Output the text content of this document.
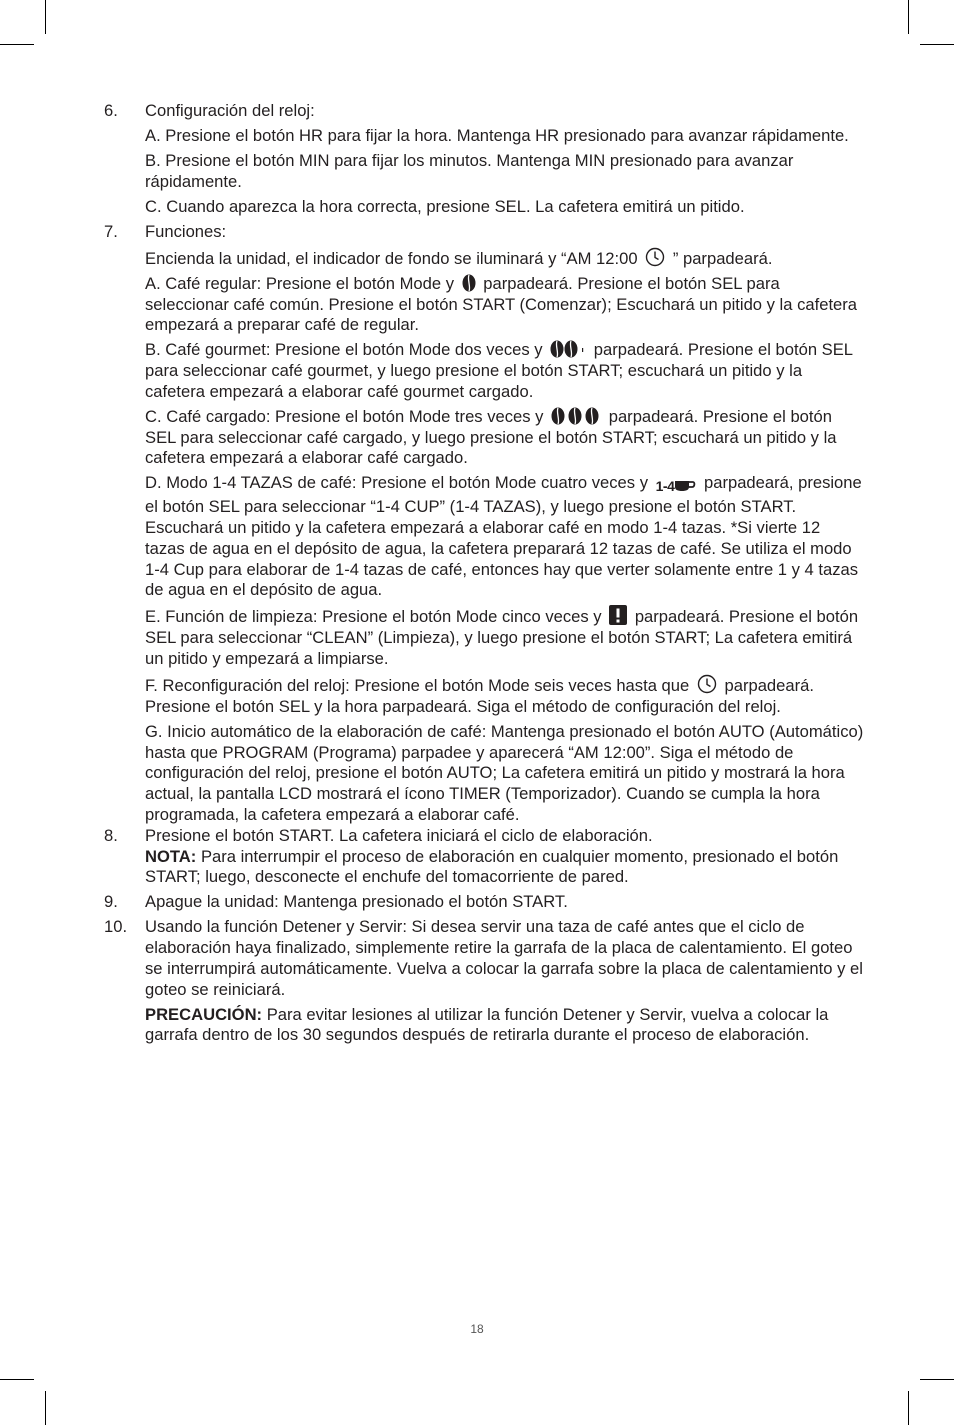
6.	Configuración del reloj:
A. Presione el botón HR para fijar la hora. Mantenga HR presionado para avanzar rápidamente.
B. Presione el botón MIN para fijar los minutos. Mantenga MIN presionado para avanzar rápidamente.
C. Cuando aparezca la hora correcta, presione SEL. La cafetera emitirá un pitido.
7.	Funciones:
Encienda la unidad, el indicador de fondo se iluminará y “AM 12:00 ” parpadeará.
A. Café regular: Presione el botón Mode y parpadeará. Presione el botón SEL para seleccionar café común. Presione el botón START (Comenzar); Escuchará un pitido y la cafetera empezará a preparar café de regular.
B. Café gourmet: Presione el botón Mode dos veces y	parpadeará. Presione el botón SEL para seleccionar café gourmet, y luego presione el botón START; escuchará un pitido y la cafetera empezará a elaborar café gourmet cargado.
C. Café cargado: Presione el botón Mode tres veces y	parpadeará. Presione el botón SEL para seleccionar café cargado, y luego presione el botón START; escuchará un pitido y la cafetera empezará a elaborar café cargado.
D. Modo 1-4 TAZAS de café: Presione el botón Mode cuatro veces y 1-4 parpadeará, presione el botón SEL para seleccionar “1-4 CUP” (1-4 TAZAS), y luego presione el botón START. Escuchará un pitido y la cafetera empezará a elaborar café en modo 1-4 tazas. *Si vierte 12 tazas de agua en el depósito de agua, la cafetera preparará 12 tazas de café. Se utiliza el modo 1-4 Cup para elaborar de 1-4 tazas de café, entonces hay que verter solamente entre 1 y 4 tazas de agua en el depósito de agua.
E. Función de limpieza: Presione el botón Mode cinco veces y parpadeará. Presione el botón SEL para seleccionar “CLEAN” (Limpieza), y luego presione el botón START; La cafetera emitirá un pitido y empezará a limpiarse.
F. Reconfiguración del reloj: Presione el botón Mode seis veces hasta que parpadeará. Presione el botón SEL y la hora parpadeará. Siga el método de configuración del reloj.
G. Inicio automático de la elaboración de café: Mantenga presionado el botón AUTO (Automático) hasta que PROGRAM (Programa) parpadee y aparecerá “AM 12:00”. Siga el método de configuración del reloj, presione el botón AUTO; La cafetera emitirá un pitido y mostrará la hora actual, la pantalla LCD mostrará el ícono TIMER (Temporizador). Cuando se cumpla la hora programada, la cafetera empezará a elaborar café.
8.	Presione el botón START. La cafetera iniciará el ciclo de elaboración.
NOTA: Para interrumpir el proceso de elaboración en cualquier momento, presionado el botón START; luego, desconecte el enchufe del tomacorriente de pared.
9.	Apague la unidad: Mantenga presionado el botón START.
10.	Usando la función Detener y Servir: Si desea servir una taza de café antes que el ciclo de elaboración haya finalizado, simplemente retire la garrafa de la placa de calentamiento. El goteo se interrumpirá automáticamente. Vuelva a colocar la garrafa sobre la placa de calentamiento y el goteo se reiniciará.
PRECAUCIÓN: Para evitar lesiones al utilizar la función Detener y Servir, vuelva a colocar la garrafa dentro de los 30 segundos después de retirarla durante el proceso de elaboración.
18
